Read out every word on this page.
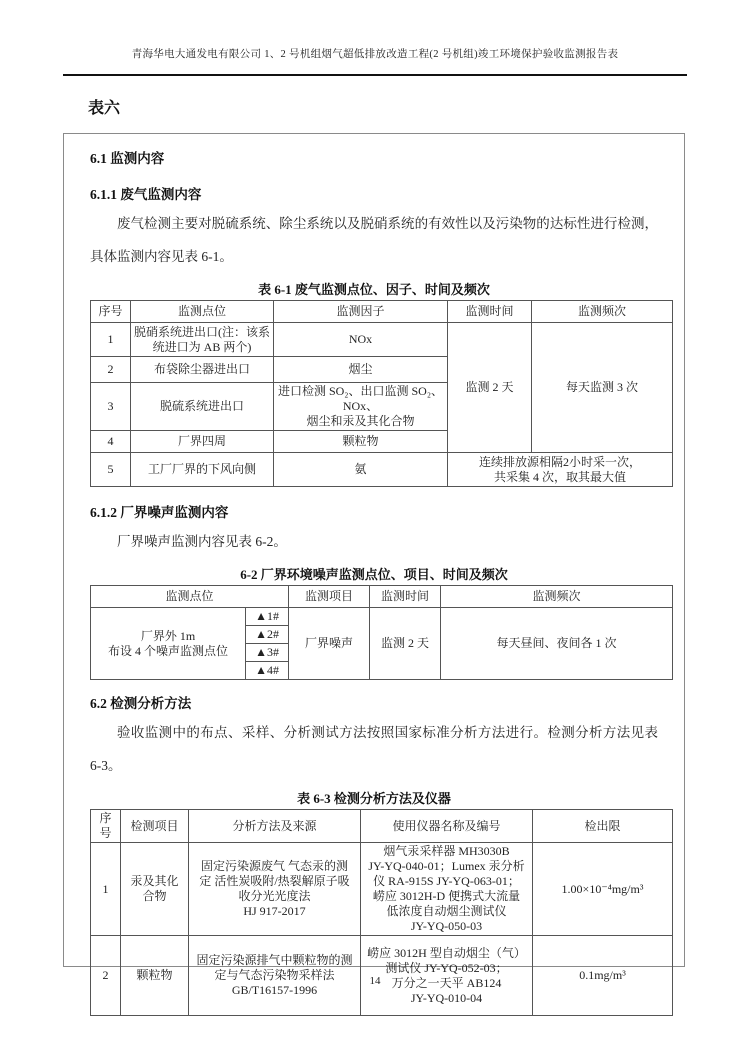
青海华电大通发电有限公司 1、2 号机组烟气超低排放改造工程(2 号机组)竣工环境保护验收监测报告表
表六

6.1 监测内容

6.1.1 废气监测内容

废气检测主要对脱硫系统、除尘系统以及脱硝系统的有效性以及污染物的达标性进行检测，具体监测内容见表 6-1。

表 6-1 废气监测点位、因子、时间及频次

序号	监测点位	监测因子	监测时间	监测频次
1	脱硝系统进出口(注：该系
统进口为 AB 两个)	NOx	监测 2 天	每天监测 3 次
2	布袋除尘器进出口	烟尘		
3	脱硫系统进出口	进口检测 SO₂、出口监测 SO₂、NOx、
烟尘和汞及其化合物		
4	厂界四周	颗粒物		
5	工厂厂界的下风向侧	氨	连续排放源相隔2小时采一次，
共采集 4 次，取其最大值	

6.1.2 厂界噪声监测内容

厂界噪声监测内容见表 6-2。

6-2 厂界环境噪声监测点位、项目、时间及频次

监测点位		监测项目	监测时间	监测频次
厂界外 1m
布设 4 个噪声监测点位	▲1#	厂界噪声	监测 2 天	每天昼间、夜间各 1 次
	▲2#			
	▲3#			
	▲4#			

6.2 检测分析方法

验收监测中的布点、采样、分析测试方法按照国家标准分析方法进行。检测分析方法见表 6-3。

表 6-3 检测分析方法及仪器

序号	检测项目	分析方法及来源	使用仪器名称及编号	检出限
1	汞及其化
合物	固定污染源废气 气态汞的测
定 活性炭吸附/热裂解原子吸
收分光光度法
HJ 917-2017	烟气汞采样器 MH3030B
JY-YQ-040-01；Lumex 汞分析
仪 RA-915S JY-YQ-063-01；
崂应 3012H-D 便携式大流量
低浓度自动烟尘测试仪
JY-YQ-050-03	1.00×10⁻⁴mg/m³
2	颗粒物	固定污染源排气中颗粒物的测
定与气态污染物采样法
GB/T16157-1996	崂应 3012H 型自动烟尘（气）
测试仪 JY-YQ-052-03；
万分之一天平 AB124
JY-YQ-010-04	0.1mg/m³
14
